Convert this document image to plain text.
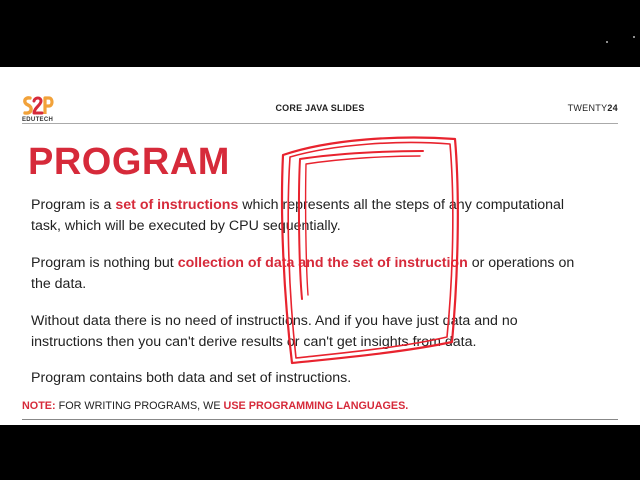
EDUTECH
CORE JAVA SLIDES	TWENTY24
PROGRAM
Program is a set of instructions which represents all the steps of any computational task, which will be executed by CPU sequentially.
Program is nothing but collection of data and the set of instruction or operations on the data.
Without data there is no need of instructions. And if you have just data and no instructions then you can't derive results or can't get insights from data.
Program contains both data and set of instructions.
NOTE: FOR WRITING PROGRAMS, WE USE PROGRAMMING LANGUAGES.
